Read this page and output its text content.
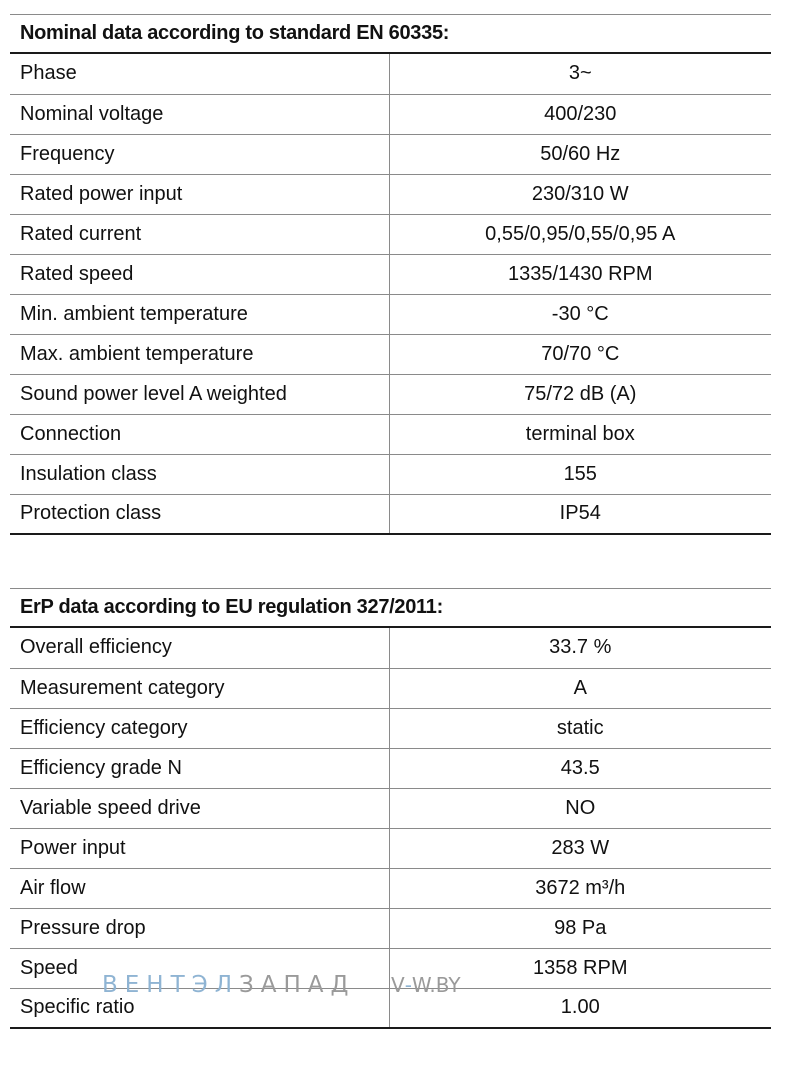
Nominal data according to standard EN 60335:
Phase	3~
Nominal voltage	400/230
Frequency	50/60 Hz
Rated power input	230/310 W
Rated current	0,55/0,95/0,55/0,95 A
Rated speed	1335/1430 RPM
Min. ambient temperature	-30 °C
Max. ambient temperature	70/70 °C
Sound power level A weighted	75/72 dB (A)
Connection	terminal box
Insulation class	155
Protection class	IP54
ErP data according to EU regulation 327/2011:
Overall efficiency	33.7 %
Measurement category	A
Efficiency category	static
Efficiency grade N	43.5
Variable speed drive	NO
Power input	283 W
Air flow	3672 m³/h
Pressure drop	98 Pa
Speed	1358 RPM
Specific ratio	1.00
ВЕНТЭЛ ЗАПАД V - W.BY
